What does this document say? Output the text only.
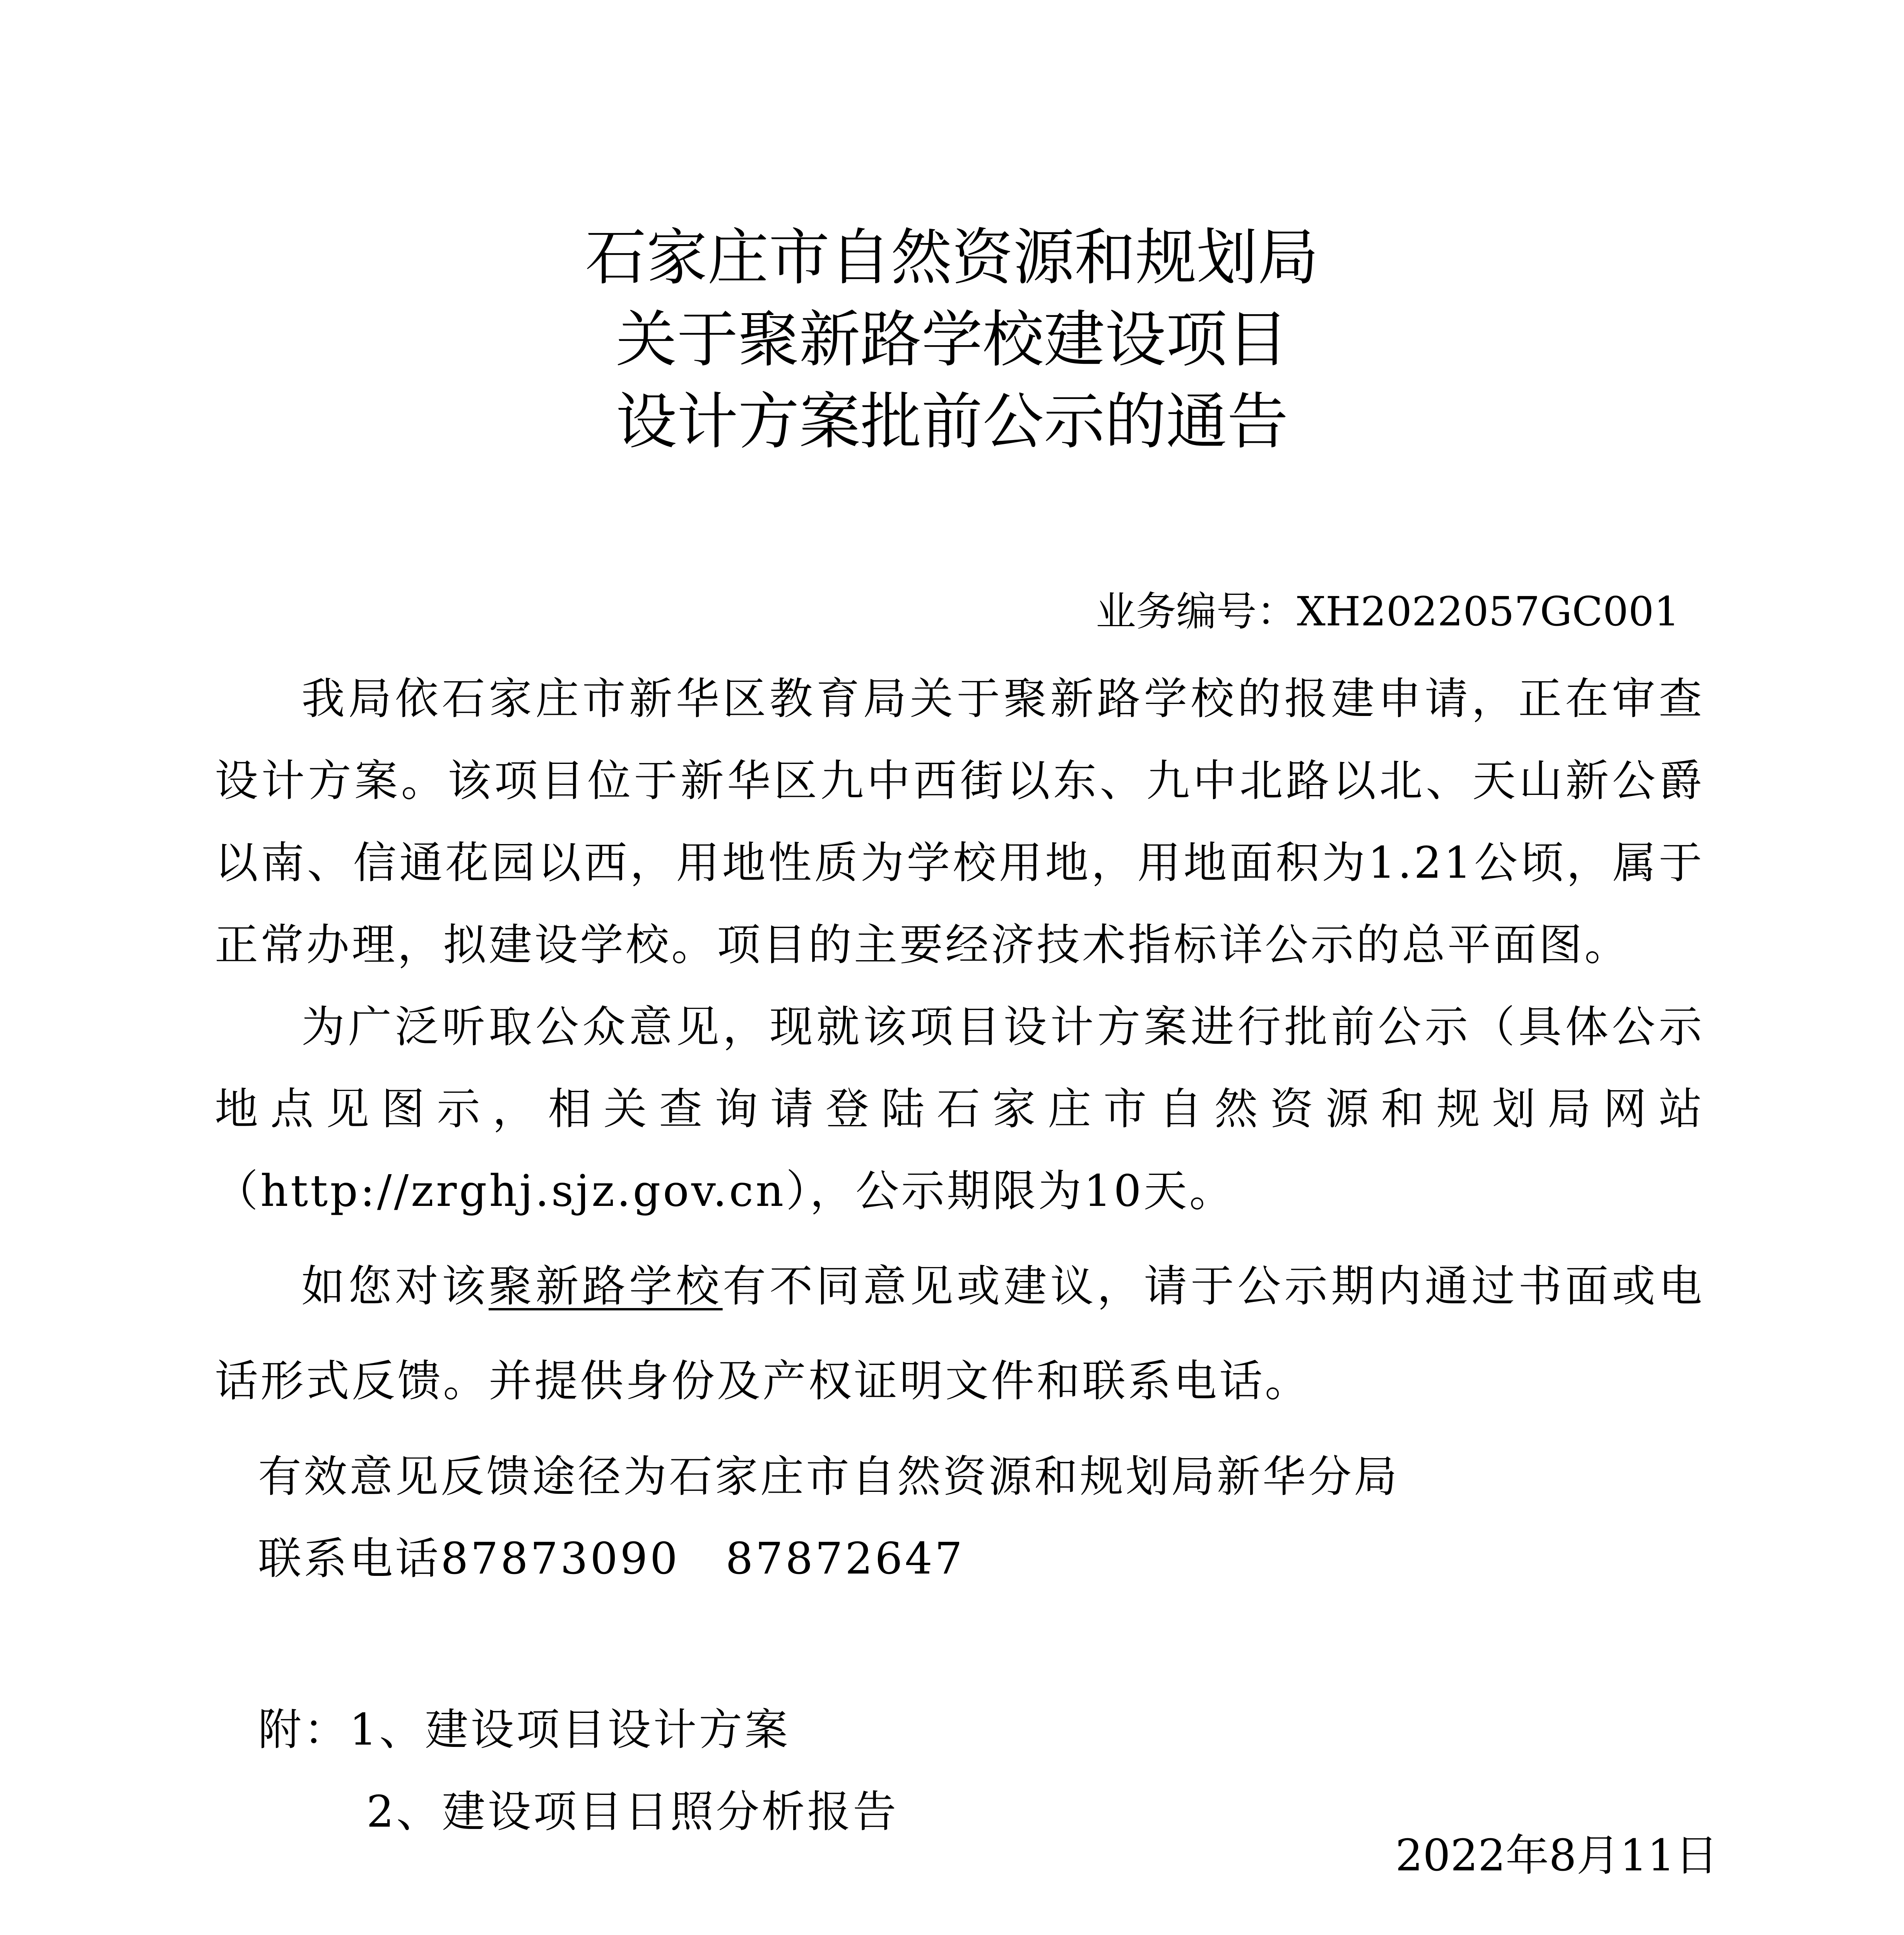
石家庄市自然资源和规划局
关于聚新路学校建设项目
设计方案批前公示的通告
业务编号：XH2022057GC001

我局依石家庄市新华区教育局关于聚新路学校的报建申请，正在审查设计方案。该项目位于新华区九中西街以东、九中北路以北、天山新公爵以南、信通花园以西，用地性质为学校用地，用地面积为1.21公顷，属于正常办理，拟建设学校。项目的主要经济技术指标详公示的总平面图。

为广泛听取公众意见，现就该项目设计方案进行批前公示（具体公示地点见图示，相关查询请登陆石家庄市自然资源和规划局网站（http://zrghj.sjz.gov.cn），公示期限为10天。

如您对该聚新路学校有不同意见或建议，请于公示期内通过书面或电话形式反馈。并提供身份及产权证明文件和联系电话。

有效意见反馈途径为石家庄市自然资源和规划局新华分局

联系电话87873090　87872647

附：1、建设项目设计方案

2、建设项目日照分析报告

2022年8月11日
